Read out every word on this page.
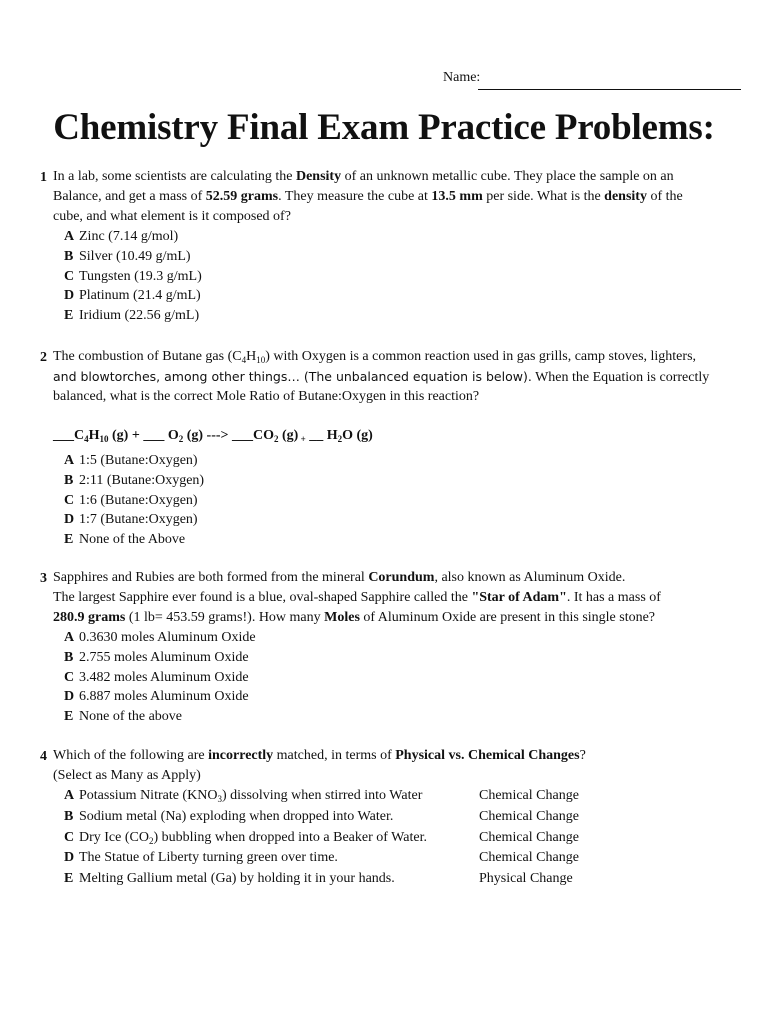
Name:
Chemistry Final Exam Practice Problems:
1 In a lab, some scientists are calculating the Density of an unknown metallic cube. They place the sample on an
Balance, and get a mass of 52.59 grams. They measure the cube at 13.5 mm per side. What is the density of the
cube, and what element is it composed of?
A Zinc (7.14 g/mol)
B Silver (10.49 g/mL)
C Tungsten (19.3 g/mL)
D Platinum (21.4 g/mL)
E Iridium (22.56 g/mL)
2 The combustion of Butane gas $(C_4H_{10})$ with Oxygen is a common reaction used in gas grills, camp stoves, lighters,
and blowtorches, among other things… (The unbalanced equation is below). When the Equation is correctly
balanced, what is the correct Mole Ratio of Butane:Oxygen in this reaction?
$\_\_\_C_4H_{10}$ (g) + ___ $O_2$ (g) ---> $\_\_\_CO_2$ (g) $_+$ __ $H_2O$ (g)
A 1:5 (Butane:Oxygen)
B 2:11 (Butane:Oxygen)
C 1:6 (Butane:Oxygen)
D 1:7 (Butane:Oxygen)
E None of the Above
3 Sapphires and Rubies are both formed from the mineral Corundum, also known as Aluminum Oxide.
The largest Sapphire ever found is a blue, oval-shaped Sapphire called the "Star of Adam". It has a mass of
280.9 grams (1 lb= 453.59 grams!). How many Moles of Aluminum Oxide are present in this single stone?
A 0.3630 moles Aluminum Oxide
B 2.755 moles Aluminum Oxide
C 3.482 moles Aluminum Oxide
D 6.887 moles Aluminum Oxide
E None of the above
4 Which of the following are incorrectly matched, in terms of Physical vs. Chemical Changes?
(Select as Many as Apply)
A Potassium Nitrate $(KNO_3)$ dissolving when stirred into Water
B Sodium metal (Na) exploding when dropped into Water.
C Dry Ice $(CO_2)$ bubbling when dropped into a Beaker of Water.
D The Statue of Liberty turning green over time.
E Melting Gallium metal (Ga) by holding it in your hands.
Chemical Change
Chemical Change
Chemical Change
Chemical Change
Physical Change
